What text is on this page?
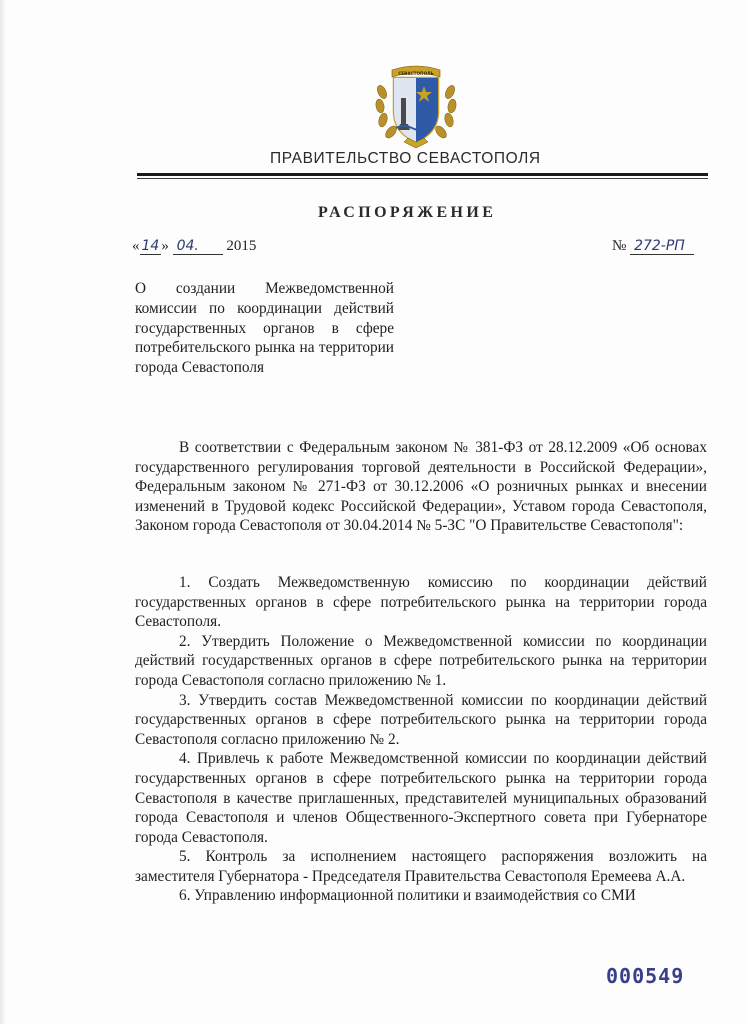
СЕВАСТОПОЛЬ
ПРАВИТЕЛЬСТВО СЕВАСТОПОЛЯ
РАСПОРЯЖЕНИЕ
« 14 » 04. 2015	№ 272-РП
О создании Межведомственной комиссии по координации действий государственных органов в сфере потребительского рынка на территории города Севастополя

В соответствии с Федеральным законом № 381-ФЗ от 28.12.2009 «Об основах государственного регулирования торговой деятельности в Российской Федерации», Федеральным законом № 271-ФЗ от 30.12.2006 «О розничных рынках и внесении изменений в Трудовой кодекс Российской Федерации», Уставом города Севастополя, Законом города Севастополя от 30.04.2014 № 5-ЗС "О Правительстве Севастополя":

1. Создать Межведомственную комиссию по координации действий государственных органов в сфере потребительского рынка на территории города Севастополя.

2. Утвердить Положение о Межведомственной комиссии по координации действий государственных органов в сфере потребительского рынка на территории города Севастополя согласно приложению № 1.

3. Утвердить состав Межведомственной комиссии по координации действий государственных органов в сфере потребительского рынка на территории города Севастополя согласно приложению № 2.

4. Привлечь к работе Межведомственной комиссии по координации действий государственных органов в сфере потребительского рынка на территории города Севастополя в качестве приглашенных, представителей муниципальных образований города Севастополя и членов Общественного-Экспертного совета при Губернаторе города Севастополя.

5. Контроль за исполнением настоящего распоряжения возложить на заместителя Губернатора - Председателя Правительства Севастополя Еремеева А.А.

6. Управлению информационной политики и взаимодействия со СМИ

000549
